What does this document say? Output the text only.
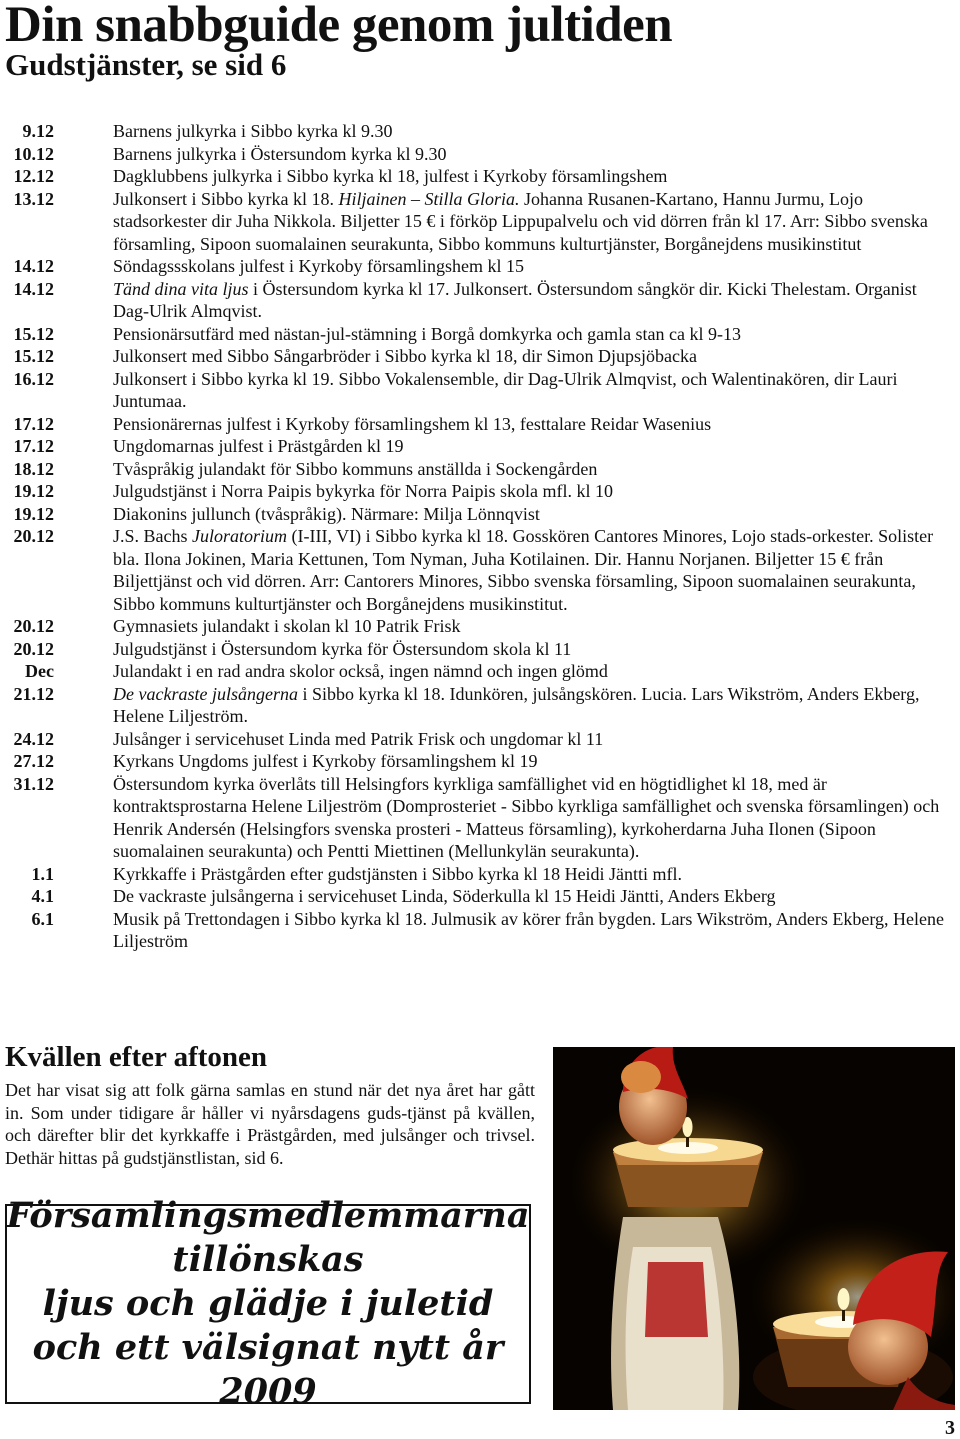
Din snabbguide genom jultiden
Gudstjänster, se sid 6
9.12	Barnens julkyrka i Sibbo kyrka kl 9.30
10.12	Barnens julkyrka i Östersundom kyrka kl 9.30
12.12	Dagklubbens julkyrka i Sibbo kyrka kl 18, julfest i Kyrkoby församlingshem
13.12	Julkonsert i Sibbo kyrka kl 18. Hiljainen – Stilla Gloria. Johanna Rusanen-Kartano, Hannu Jurmu, Lojo stadsorkester dir Juha Nikkola. Biljetter 15 € i förköp Lippupalvelu och vid dörren från kl 17. Arr: Sibbo svenska församling, Sipoon suomalainen seurakunta, Sibbo kommuns kulturtjänster, Borgånejdens musikinstitut
14.12	Söndagssskolans julfest i Kyrkoby församlingshem kl 15
14.12	Tänd dina vita ljus i Östersundom kyrka kl 17. Julkonsert. Östersundom sångkör dir. Kicki Thelestam. Organist Dag-Ulrik Almqvist.
15.12	Pensionärsutfärd med nästan-jul-stämning i Borgå domkyrka och gamla stan ca kl 9-13
15.12	Julkonsert med Sibbo Sångarbröder i Sibbo kyrka kl 18, dir Simon Djupsjöbacka
16.12	Julkonsert i Sibbo kyrka kl 19. Sibbo Vokalensemble, dir Dag-Ulrik Almqvist, och Walentinakören, dir Lauri Juntumaa.
17.12	Pensionärernas julfest i Kyrkoby församlingshem kl 13, festtalare Reidar Wasenius
17.12	Ungdomarnas julfest i Prästgården kl 19
18.12	Tvåspråkig julandakt för Sibbo kommuns anställda i Sockengården
19.12	Julgudstjänst i Norra Paipis bykyrka för Norra Paipis skola mfl. kl 10
19.12	Diakonins jullunch (tvåspråkig). Närmare: Milja Lönnqvist
20.12	J.S. Bachs Juloratorium (I-III, VI) i Sibbo kyrka kl 18. Gosskören Cantores Minores, Lojo stads-orkester. Solister bla. Ilona Jokinen, Maria Kettunen, Tom Nyman, Juha Kotilainen. Dir. Hannu Norjanen. Biljetter 15 € från Biljettjänst och vid dörren. Arr: Cantorers Minores, Sibbo svenska församling, Sipoon suomalainen seurakunta, Sibbo kommuns kulturtjänster och Borgånejdens musikinstitut.
20.12	Gymnasiets julandakt i skolan kl 10 Patrik Frisk
20.12	Julgudstjänst i Östersundom kyrka för Östersundom skola kl 11
Dec	Julandakt i en rad andra skolor också, ingen nämnd och ingen glömd
21.12	De vackraste julsångerna i Sibbo kyrka kl 18. Idunkören, julsångskören. Lucia. Lars Wikström, Anders Ekberg, Helene Liljeström.
24.12	Julsånger i servicehuset Linda med Patrik Frisk och ungdomar kl 11
27.12	Kyrkans Ungdoms julfest i Kyrkoby församlingshem kl 19
31.12	Östersundom kyrka överlåts till Helsingfors kyrkliga samfällighet vid en högtidlighet kl 18, med är kontraktsprostarna Helene Liljeström (Domprosteriet - Sibbo kyrkliga samfällighet och svenska församlingen) och Henrik Andersén (Helsingfors svenska prosteri - Matteus församling), kyrkoherdarna Juha Ilonen (Sipoon suomalainen seurakunta) och Pentti Miettinen (Mellunkylän seurakunta).
1.1	Kyrkkaffe i Prästgården efter gudstjänsten i Sibbo kyrka kl 18 Heidi Jäntti mfl.
4.1	De vackraste julsångerna i servicehuset Linda, Söderkulla kl 15 Heidi Jäntti, Anders Ekberg
6.1	Musik på Trettondagen i Sibbo kyrka kl 18. Julmusik av körer från bygden. Lars Wikström, Anders Ekberg, Helene Liljeström
Kvällen efter aftonen
Det har visat sig att folk gärna samlas en stund när det nya året har gått in. Som under tidigare år håller vi nyårsdagens guds-tjänst på kvällen, och därefter blir det kyrkkaffe i Prästgården, med julsånger och trivsel. Dethär hittas på gudstjänstlistan, sid 6.
Församlingsmedlemmarna
tillönskas
ljus och glädje i juletid
och ett välsignat nytt år 2009
3
